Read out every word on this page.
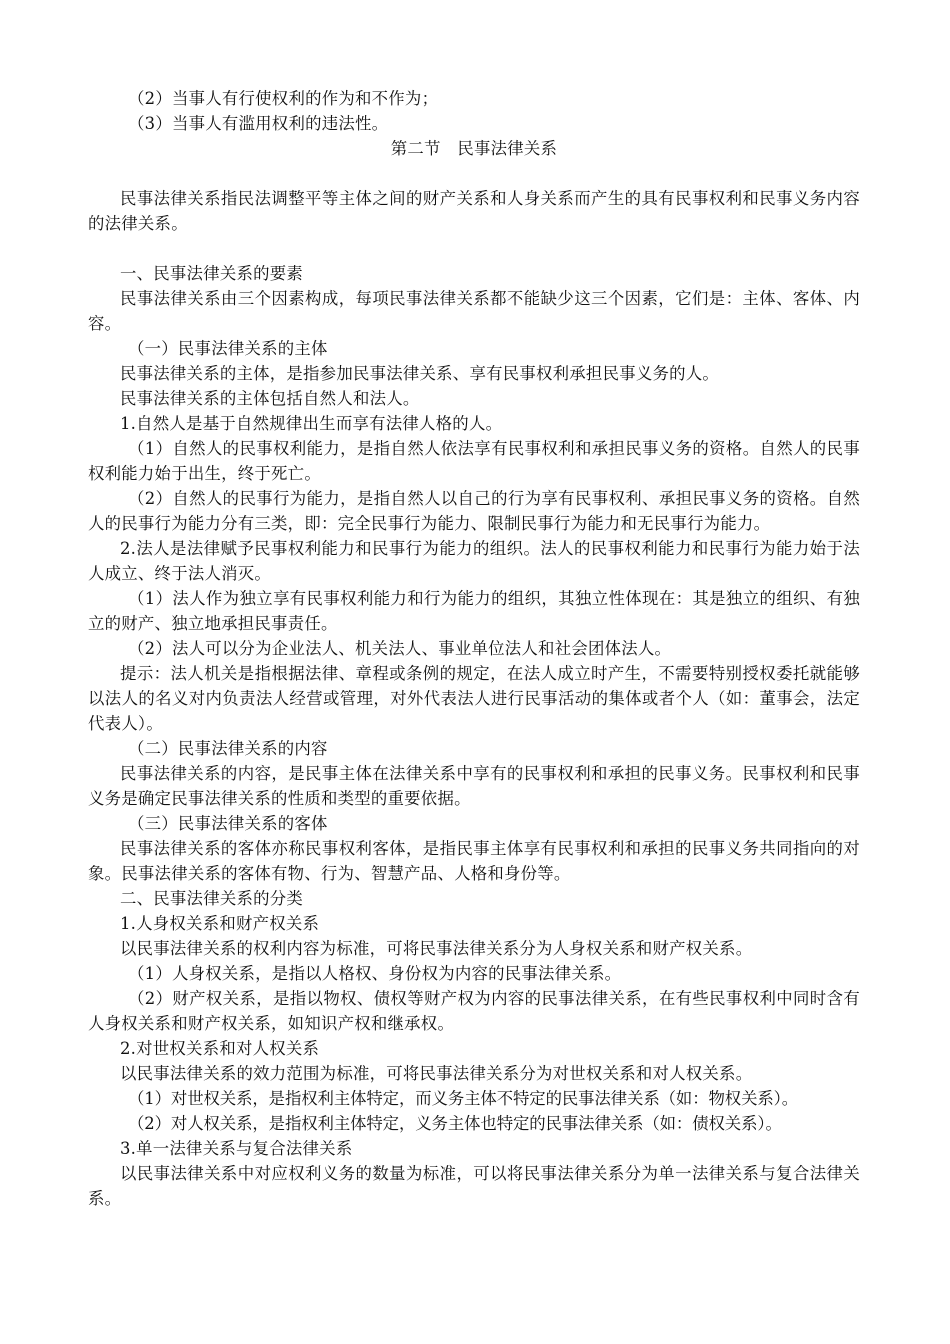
（2）当事人有行使权利的作为和不作为；
（3）当事人有滥用权利的违法性。
第二节　民事法律关系
民事法律关系指民法调整平等主体之间的财产关系和人身关系而产生的具有民事权利和民事义务内容的法律关系。
一、民事法律关系的要素
民事法律关系由三个因素构成，每项民事法律关系都不能缺少这三个因素，它们是：主体、客体、内容。
（一）民事法律关系的主体
民事法律关系的主体，是指参加民事法律关系、享有民事权利承担民事义务的人。
民事法律关系的主体包括自然人和法人。
1.自然人是基于自然规律出生而享有法律人格的人。
（1）自然人的民事权利能力，是指自然人依法享有民事权利和承担民事义务的资格。自然人的民事权利能力始于出生，终于死亡。
（2）自然人的民事行为能力，是指自然人以自己的行为享有民事权利、承担民事义务的资格。自然人的民事行为能力分有三类，即：完全民事行为能力、限制民事行为能力和无民事行为能力。
2.法人是法律赋予民事权利能力和民事行为能力的组织。法人的民事权利能力和民事行为能力始于法人成立、终于法人消灭。
（1）法人作为独立享有民事权利能力和行为能力的组织，其独立性体现在：其是独立的组织、有独立的财产、独立地承担民事责任。
（2）法人可以分为企业法人、机关法人、事业单位法人和社会团体法人。
提示：法人机关是指根据法律、章程或条例的规定，在法人成立时产生，不需要特别授权委托就能够以法人的名义对内负责法人经营或管理，对外代表法人进行民事活动的集体或者个人（如：董事会，法定代表人）。
（二）民事法律关系的内容
民事法律关系的内容，是民事主体在法律关系中享有的民事权利和承担的民事义务。民事权利和民事义务是确定民事法律关系的性质和类型的重要依据。
（三）民事法律关系的客体
民事法律关系的客体亦称民事权利客体，是指民事主体享有民事权利和承担的民事义务共同指向的对象。民事法律关系的客体有物、行为、智慧产品、人格和身份等。
二、民事法律关系的分类
1.人身权关系和财产权关系
以民事法律关系的权利内容为标准，可将民事法律关系分为人身权关系和财产权关系。
（1）人身权关系，是指以人格权、身份权为内容的民事法律关系。
（2）财产权关系，是指以物权、债权等财产权为内容的民事法律关系，在有些民事权利中同时含有人身权关系和财产权关系，如知识产权和继承权。
2.对世权关系和对人权关系
以民事法律关系的效力范围为标准，可将民事法律关系分为对世权关系和对人权关系。
（1）对世权关系，是指权利主体特定，而义务主体不特定的民事法律关系（如：物权关系）。
（2）对人权关系，是指权利主体特定，义务主体也特定的民事法律关系（如：债权关系）。
3.单一法律关系与复合法律关系
以民事法律关系中对应权利义务的数量为标准，可以将民事法律关系分为单一法律关系与复合法律关系。
